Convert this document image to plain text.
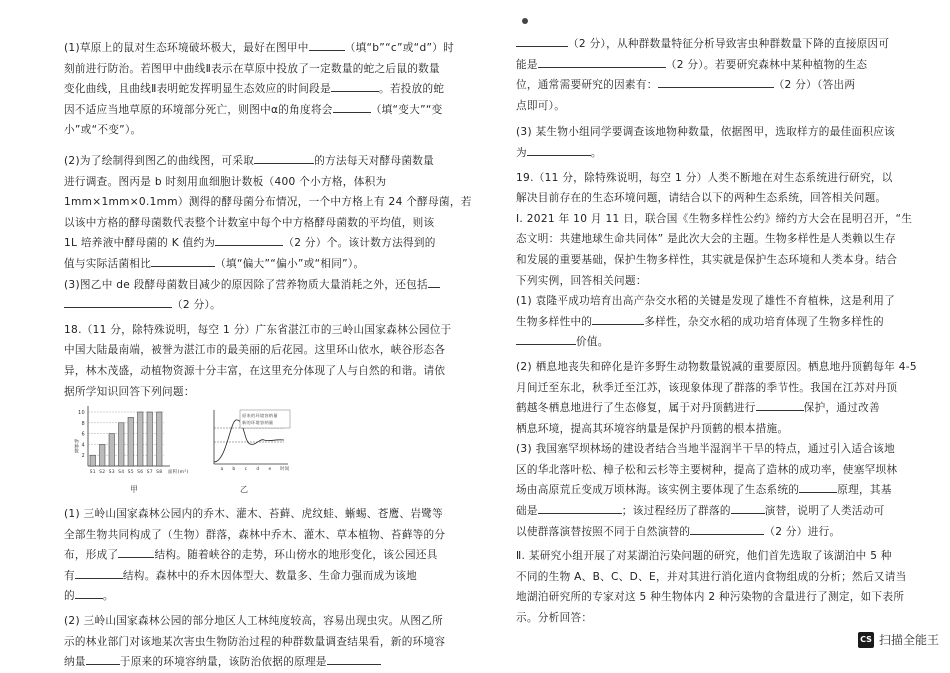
(1)草原上的鼠对生态环境破坏极大，最好在图甲中	（填“b”“c”或“d”）时

刻前进行防治。若图甲中曲线Ⅱ表示在草原中投放了一定数量的蛇之后鼠的数量

变化曲线，且曲线Ⅱ表明蛇发挥明显生态效应的时间段是	。若投放的蛇

因不适应当地草原的环境部分死亡，则图中α的角度将会	（填“变大”“变

小”或“不变”）。

(2)为了绘制得到图乙的曲线图，可采取	的方法每天对酵母菌数量

进行调查。图丙是 b 时刻用血细胞计数板（400 个小方格，体积为

1mm×1mm×0.1mm）测得的酵母菌分布情况，一个中方格上有 24 个酵母菌，若

以该中方格的酵母菌数代表整个计数室中每个中方格酵母菌数的平均值，则该

1L 培养液中酵母菌的 K 值约为	（2 分）个。该计数方法得到的

值与实际活菌相比	（填“偏大”“偏小”或“相同”）。

(3)图乙中 de 段酵母菌数目减少的原因除了营养物质大量消耗之外，还包括

（2 分）。

18.（11 分，除特殊说明，每空 1 分）广东省湛江市的三岭山国家森林公园位于

中国大陆最南端，被誉为湛江市的最美丽的后花园。这里环山依水，峡谷形态各

异，林木茂盛，动植物资源十分丰富，在这里充分体现了人与自然的和谐。请依

据所学知识回答下列问题：

2
4
6
8
10
S1 S2 S3 S4 S5 S6 S7 S8 面积(m²)
物种数
甲
原来的环境容纳量
新的环境容纳量
a b c d e 时间
乙

(1) 三岭山国家森林公园内的乔木、灌木、苔藓、虎纹蛙、蜥蜴、苍鹰、岩鹭等

全部生物共同构成了（生物）群落，森林中乔木、灌木、草本植物、苔藓等的分

布，形成了	结构。随着峡谷的走势，环山傍水的地形变化，该公园还具

有	结构。森林中的乔木因体型大、数量多、生命力强而成为该地

的	。

(2) 三岭山国家森林公园的部分地区人工林纯度较高，容易出现虫灾。从图乙所

示的林业部门对该地某次害虫生物防治过程的种群数量调查结果看，新的环境容

纳量	于原来的环境容纳量，该防治依据的原理是

（2 分），从种群数量特征分析导致害虫种群数量下降的直接原因可

能是	（2 分）。若要研究森林中某种植物的生态

位，通常需要研究的因素有：	（2 分）（答出两

点即可）。

(3) 某生物小组同学要调查该地物种数量，依据图甲，选取样方的最佳面积应该

为	。

19.（11 分，除特殊说明，每空 1 分）人类不断地在对生态系统进行研究，以

解决目前存在的生态环境问题，请结合以下的两种生态系统，回答相关问题。

Ⅰ. 2021 年 10 月 11 日，联合国《生物多样性公约》缔约方大会在昆明召开，“生

态文明：共建地球生命共同体” 是此次大会的主题。生物多样性是人类赖以生存

和发展的重要基础，保护生物多样性，其实就是保护生态环境和人类本身。结合

下列实例，回答相关问题：

(1) 袁隆平成功培育出高产杂交水稻的关键是发现了雄性不育植株，这是利用了

生物多样性中的	多样性，杂交水稻的成功培育体现了生物多样性的

价值。

(2) 栖息地丧失和碎化是许多野生动物数量锐减的重要原因。栖息地丹顶鹤每年 4-5

月间迁至东北，秋季迁至江苏，该现象体现了群落的季节性。我国在江苏对丹顶

鹤越冬栖息地进行了生态修复，属于对丹顶鹤进行	保护，通过改善

栖息环境，提高其环境容纳量是保护丹顶鹤的根本措施。

(3) 我国塞罕坝林场的建设者结合当地半湿润半干旱的特点，通过引入适合该地

区的华北落叶松、樟子松和云杉等主要树种，提高了造林的成功率，使塞罕坝林

场由高原荒丘变成万顷林海。该实例主要体现了生态系统的	原理，其基

础是	；该过程经历了群落的	演替，说明了人类活动可

以使群落演替按照不同于自然演替的	（2 分）进行。

Ⅱ. 某研究小组开展了对某湖泊污染问题的研究，他们首先选取了该湖泊中 5 种

不同的生物 A、B、C、D、E，并对其进行消化道内食物组成的分析；然后又请当

地湖泊研究所的专家对这 5 种生物体内 2 种污染物的含量进行了测定，如下表所

示。分析回答：

CS 扫描全能王
